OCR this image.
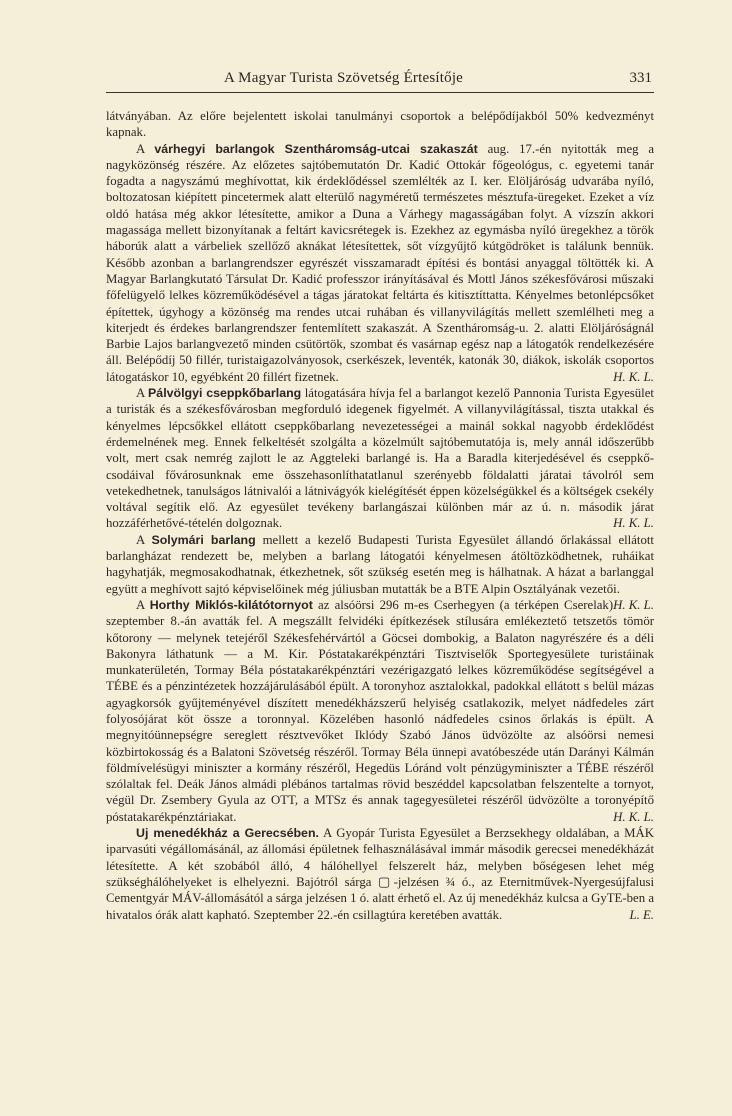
A Magyar Turista Szövetség Értesítője	331

látványában. Az előre bejelentett iskolai tanulmányi csoportok a belépődíjakból 50% kedvezményt kapnak.

A várhegyi barlangok Szentháromság-utcai szakaszát aug. 17.-én nyitották meg a nagyközönség részére. Az előzetes sajtóbemutatón Dr. Kadić Ottokár főgeológus, c. egyetemi tanár fogadta a nagyszámú meghívottat, kik érdeklődéssel szemlélték az I. ker. Elöljáróság udvarába nyíló, boltozatosan kiépített pincetermek alatt elterülő nagyméretű természetes mésztufa-üregeket. Ezeket a víz oldó hatása még akkor létesítette, amikor a Duna a Várhegy magasságában folyt. A vízszín akkori magassága mellett bizonyítanak a feltárt kavicsrétegek is. Ezekhez az egymásba nyíló üregekhez a török háborúk alatt a várbeliek szellőző aknákat létesítettek, sőt vízgyűjtő kútgödröket is találunk bennük. Később azonban a barlangrendszer egyrészét visszamaradt építési és bontási anyaggal töltötték ki. A Magyar Barlangkutató Társulat Dr. Kadić professzor irányításával és Mottl János székesfővárosi műszaki főfelügyelő lelkes közreműködésével a tágas járatokat feltárta és kitisztíttatta. Kényelmes betonlépcsőket építettek, úgyhogy a közönség ma rendes utcai ruhában és villanyvilágítás mellett szemlélheti meg a kiterjedt és érdekes barlangrendszer fentemlített szakaszát. A Szentháromság-u. 2. alatti Elöljáróságnál Barbie Lajos barlangvezető minden csütörtök, szombat és vasárnap egész nap a látogatók rendelkezésére áll. Belépődíj 50 fillér, turistaigazolványosok, cserkészek, leventék, katonák 30, diákok, iskolák csoportos látogatáskor 10, egyébként 20 fillért fizetnek.	H. K. L.

A Pálvölgyi cseppkőbarlang látogatására hívja fel a barlangot kezelő Pannonia Turista Egyesület a turisták és a székesfővárosban megforduló idegenek figyelmét. A villanyvilágítással, tiszta utakkal és kényelmes lépcsőkkel ellátott cseppkőbarlang nevezetességei a mainál sokkal nagyobb érdeklődést érdemelnének meg. Ennek felkeltését szolgálta a közelmúlt sajtóbemutatója is, mely annál időszerűbb volt, mert csak nemrég zajlott le az Aggteleki barlangé is. Ha a Baradla kiterjedésével és cseppkő-csodáival fővárosunknak eme összehasonlíthatatlanul szerényebb földalatti járatai távolról sem vetekedhetnek, tanulságos látnivalói a látnivágyók kielégítését éppen közelségükkel és a költségek csekély voltával segítik elő. Az egyesület tevékeny barlangászai különben már az ú. n. második járat hozzáférhetővé-tételén dolgoznak.	H. K. L.

A Solymári barlang mellett a kezelő Budapesti Turista Egyesület állandó őrlakással ellátott barlangházat rendezett be, melyben a barlang látogatói kényelmesen átöltözködhetnek, ruháikat hagyhatják, megmosakodhatnak, étkezhetnek, sőt szükség esetén meg is hálhatnak. A házat a barlanggal együtt a meghívott sajtó képviselőinek még júliusban mutatták be a BTE Alpin Osztályának vezetői.
H. K. L.

A Horthy Miklós-kilátótornyot az alsóörsi 296 m-es Cserhegyen (a térképen Cserelak) szeptember 8.-án avatták fel. A megszállt felvidéki építkezések stílusára emlékeztető tetszetős tömör kőtorony — melynek tetejéről Székesfehérvártól a Göcsei dombokig, a Balaton nagyrészére és a déli Bakonyra láthatunk — a M. Kir. Póstatakarékpénztári Tisztviselők Sportegyesülete turistáinak munkaterületén, Tormay Béla póstatakarékpénztári vezérigazgató lelkes közreműködése segítségével a TÉBE és a pénzintézetek hozzájárulásából épült. A toronyhoz asztalokkal, padokkal ellátott s belül mázas agyagkorsók gyűjteményével díszített menedékházszerű helyiség csatlakozik, melyet nádfedeles zárt folyosójárat köt össze a toronnyal. Közelében hasonló nádfedeles csinos őrlakás is épült. A megnyitóünnepségre sereglett résztvevőket Iklódy Szabó János üdvözölte az alsóörsi nemesi közbirtokosság és a Balatoni Szövetség részéről. Tormay Béla ünnepi avatóbeszéde után Darányi Kálmán földmívelésügyi miniszter a kormány részéről, Hegedüs Lóránd volt pénzügyminiszter a TÉBE részéről szólaltak fel. Deák János almádi plébános tartalmas rövid beszéddel kapcsolatban felszentelte a tornyot, végül Dr. Zsembery Gyula az OTT, a MTSz és annak tagegyesületei részéről üdvözölte a toronyépítő póstatakarékpénztáriakat.	H. K. L.

Uj menedékház a Gerecsében. A Gyopár Turista Egyesület a Berzsekhegy oldalában, a MÁK iparvasúti végállomásánál, az állomási épületnek felhasználásával immár második gerecsei menedékházát létesítette. A két szobából álló, 4 hálóhellyel felszerelt ház, melyben bőségesen lehet még szükséghálóhelyeket is elhelyezni. Bajótról sárga ▢-jelzésen ¾ ó., az Eternitművek-Nyergesújfalusi Cementgyár MÁV-állomásától a sárga jelzésen 1 ó. alatt érhető el. Az új menedékház kulcsa a GyTE-ben a hivatalos órák alatt kapható. Szeptember 22.-én csillagtúra keretében avatták.	L. E.
